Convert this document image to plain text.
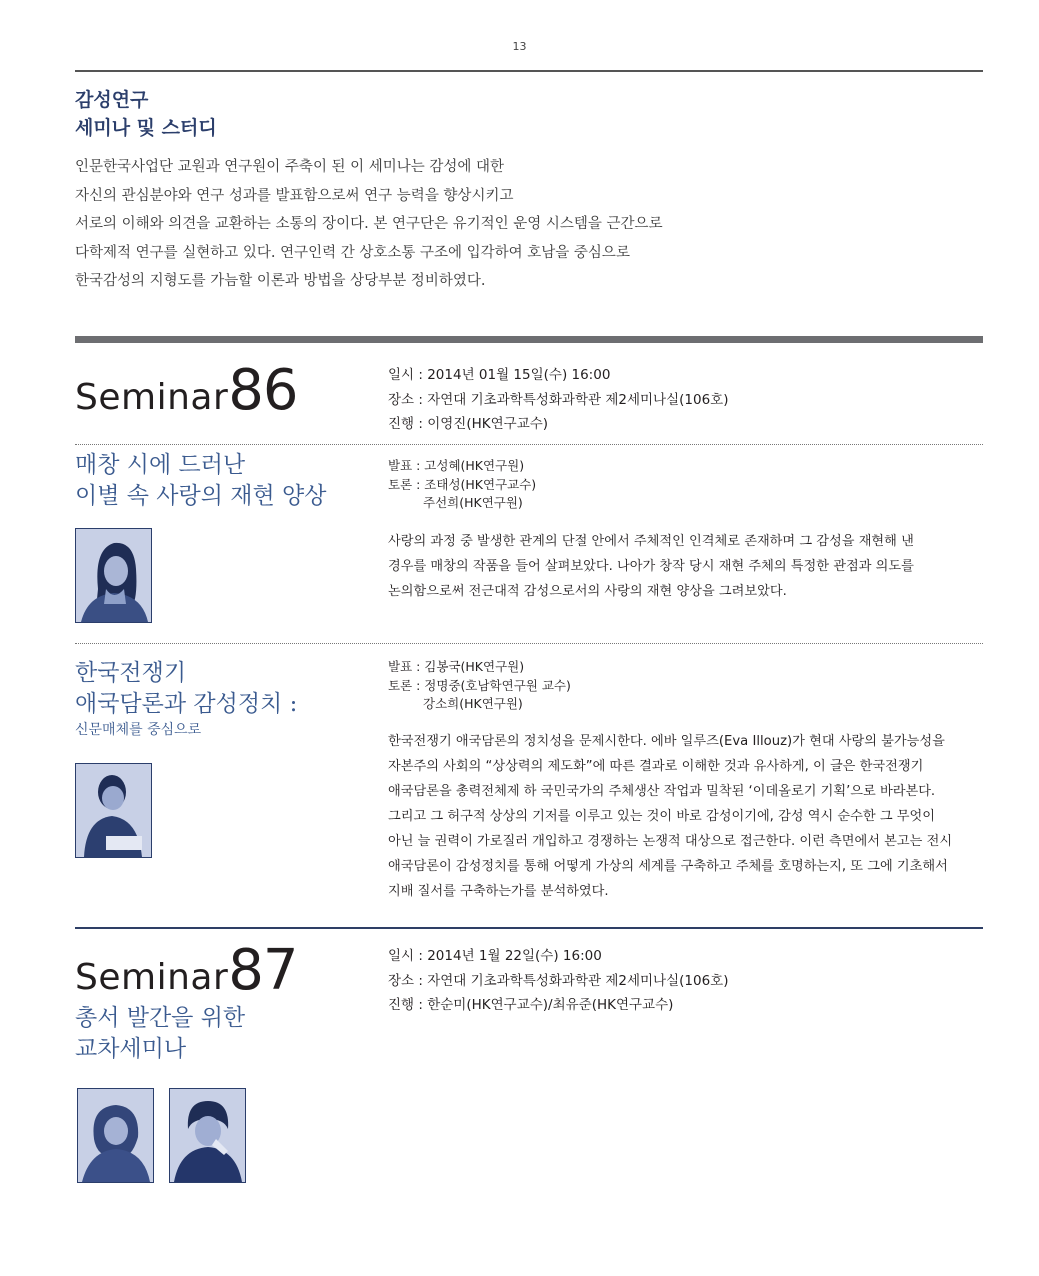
13
감성연구
세미나 및 스터디
인문한국사업단 교원과 연구원이 주축이 된 이 세미나는 감성에 대한
자신의 관심분야와 연구 성과를 발표함으로써 연구 능력을 향상시키고
서로의 이해와 의견을 교환하는 소통의 장이다. 본 연구단은 유기적인 운영 시스템을 근간으로
다학제적 연구를 실현하고 있다. 연구인력 간 상호소통 구조에 입각하여 호남을 중심으로
한국감성의 지형도를 가늠할 이론과 방법을 상당부분 정비하였다.
Seminar86	일시 : 2014년 01월 15일(수) 16:00
장소 : 자연대 기초과학특성화과학관 제2세미나실(106호)
진행 : 이영진(HK연구교수)
매창 시에 드러난
이별 속 사랑의 재현 양상
발표 : 고성혜(HK연구원)
토론 : 조태성(HK연구교수)
주선희(HK연구원)
사랑의 과정 중 발생한 관계의 단절 안에서 주체적인 인격체로 존재하며 그 감성을 재현해 낸
경우를 매창의 작품을 들어 살펴보았다. 나아가 창작 당시 재현 주체의 특정한 관점과 의도를
논의함으로써 전근대적 감성으로서의 사랑의 재현 양상을 그려보았다.
한국전쟁기
애국담론과 감성정치 :
신문매체를 중심으로
발표 : 김봉국(HK연구원)
토론 : 정명중(호남학연구원 교수)
강소희(HK연구원)
한국전쟁기 애국담론의 정치성을 문제시한다. 에바 일루즈(Eva Illouz)가 현대 사랑의 불가능성을
자본주의 사회의 “상상력의 제도화”에 따른 결과로 이해한 것과 유사하게, 이 글은 한국전쟁기
애국담론을 총력전체제 하 국민국가의 주체생산 작업과 밀착된 ‘이데올로기 기획’으로 바라본다.
그리고 그 허구적 상상의 기저를 이루고 있는 것이 바로 감성이기에, 감성 역시 순수한 그 무엇이
아닌 늘 권력이 가로질러 개입하고 경쟁하는 논쟁적 대상으로 접근한다. 이런 측면에서 본고는 전시
애국담론이 감성정치를 통해 어떻게 가상의 세계를 구축하고 주체를 호명하는지, 또 그에 기초해서
지배 질서를 구축하는가를 분석하였다.
Seminar87
총서 발간을 위한
교차세미나
일시 : 2014년 1월 22일(수) 16:00
장소 : 자연대 기초과학특성화과학관 제2세미나실(106호)
진행 : 한순미(HK연구교수)/최유준(HK연구교수)
